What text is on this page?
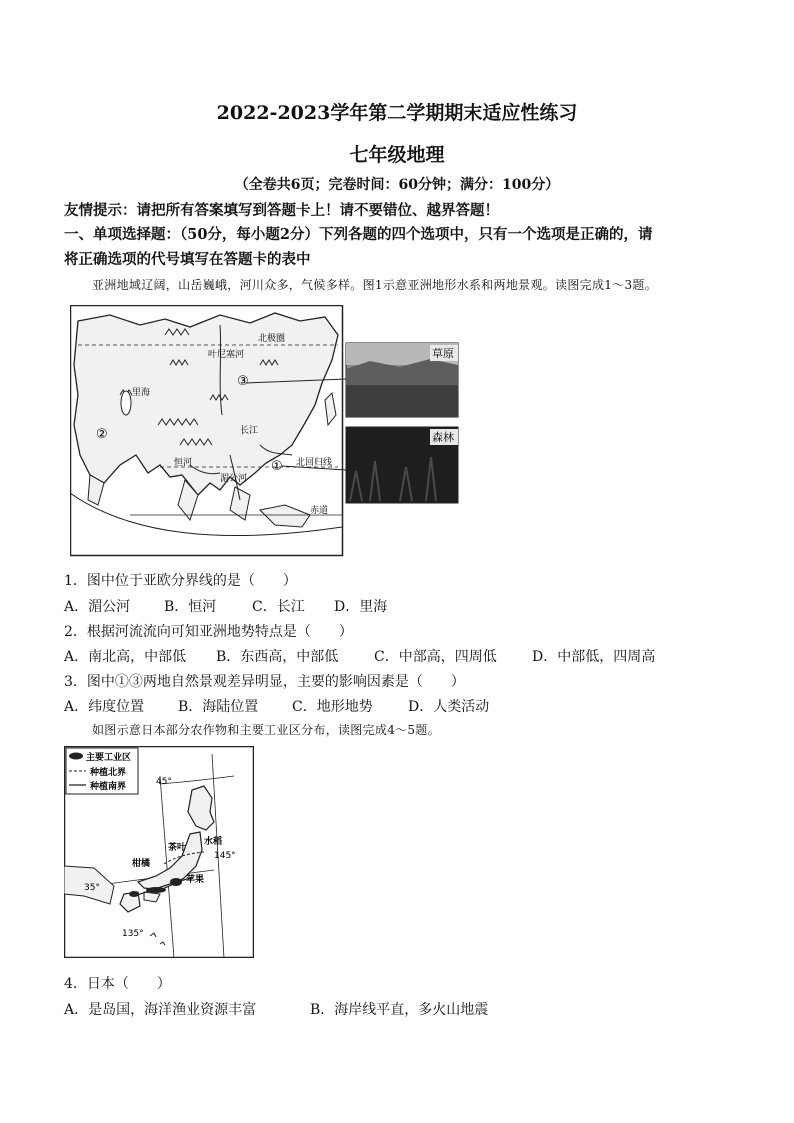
2022-2023学年第二学期期末适应性练习
七年级地理
（全卷共6页；完卷时间：60分钟；满分：100分）
友情提示：请把所有答案填写到答题卡上！请不要错位、越界答题！
一、单项选择题：（50分，每小题2分）下列各题的四个选项中，只有一个选项是正确的，请
将正确选项的代号填写在答题卡的表中
亚洲地域辽阔，山岳巍峨，河川众多，气候多样。图1示意亚洲地形水系和两地景观。读图完成1～3题。
③
②
①
叶尼塞河
北极圈
北回归线
赤道
里海
恒河
长江
湄公河
草原
森林
1．图中位于亚欧分界线的是（　　）
A．湄公河 B．恒河	C．长江 D．里海
2．根据河流流向可知亚洲地势特点是（　　）
A．南北高，中部低 B．东西高，中部低	C．中部高，四周低	D．中部低，四周高
3．图中①③两地自然景观差异明显，主要的影响因素是（　　）
A．纬度位置 B．海陆位置 C．地形地势	D．人类活动
如图示意日本部分农作物和主要工业区分布，读图完成4～5题。
主要工业区
种植北界
种植南界	45°
35°
145°
135°
水稻
茶叶
柑橘
苹果
4．日本（　　）
A．是岛国，海洋渔业资源丰富	B．海岸线平直，多火山地震
